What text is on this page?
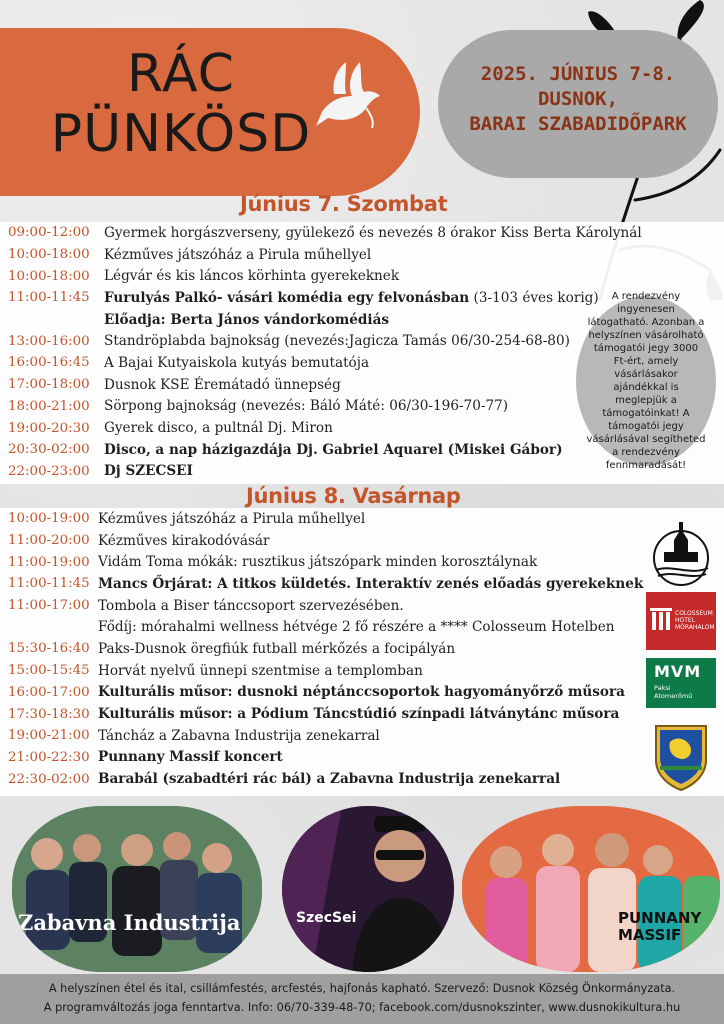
RÁC
PÜNKÖSD
2025. JÚNIUS 7-8.
DUSNOK,
BARAI SZABADIDŐPARK
Június 7. Szombat
09:00-12:00	Gyermek horgászverseny, gyülekező és nevezés 8 órakor Kiss Berta Károlynál
10:00-18:00	Kézműves játszóház a Pirula műhellyel
10:00-18:00	Légvár és kis láncos körhinta gyerekeknek
11:00-11:45	Furulyás Palkó- vásári komédia egy felvonásban (3-103 éves korig)
Előadja: Berta János vándorkomédiás
13:00-16:00	Standröplabda bajnokság (nevezés:Jagicza Tamás 06/30-254-68-80)
16:00-16:45	A Bajai Kutyaiskola kutyás bemutatója
17:00-18:00	Dusnok KSE Éremátadó ünnepség
18:00-21:00	Sörpong bajnokság (nevezés: Báló Máté: 06/30-196-70-77)
19:00-20:30	Gyerek disco, a pultnál Dj. Miron
20:30-02:00	Disco, a nap házigazdája Dj. Gabriel Aquarel (Miskei Gábor)
22:00-23:00	Dj SZECSEI
A rendezvény ingyenesen látogatható. Azonban a helyszínen vásárolható támogatói jegy 3000 Ft-ért, amely vásárlásakor ajándékkal is meglepjük a támogatóinkat! A támogatói jegy vásárlásával segítheted a rendezvény fennmaradását!
Június 8. Vasárnap
10:00-19:00 Kézműves játszóház a Pirula műhellyel
11:00-20:00 Kézműves kirakodóvásár
11:00-19:00 Vidám Toma mókák: rusztikus játszópark minden korosztálynak
11:00-11:45 Mancs Őrjárat: A titkos küldetés. Interaktív zenés előadás gyerekeknek
11:00-17:00 Tombola a Biser tánccsoport szervezésében.
Fődíj: mórahalmi wellness hétvége 2 fő részére a **** Colosseum Hotelben
15:30-16:40 Paks-Dusnok öregfiúk futball mérkőzés a focipályán
15:00-15:45 Horvát nyelvű ünnepi szentmise a templomban
16:00-17:00 Kulturális műsor: dusnoki néptánccsoportok hagyományőrző műsora
17:30-18:30 Kulturális műsor: a Pódium Táncstúdió színpadi látványtánc műsora
19:00-21:00 Táncház a Zabavna Industrija zenekarral
21:00-22:30 Punnany Massif koncert
22:30-02:00 Barabál (szabadtéri rác bál) a Zabavna Industrija zenekarral
COLOSSEUM HOTEL
MÓRAHALOM
MVM
Paksi
Atomerőmű
Zabavna Industrija	SzecSei	PUNNANY
MASSIF
A helyszínen étel és ital, csillámfestés, arcfestés, hajfonás kapható. Szervező: Dusnok Község Önkormányzata.
A programváltozás joga fenntartva. Info: 06/70-339-48-70; facebook.com/dusnokszinter, www.dusnokikultura.hu
